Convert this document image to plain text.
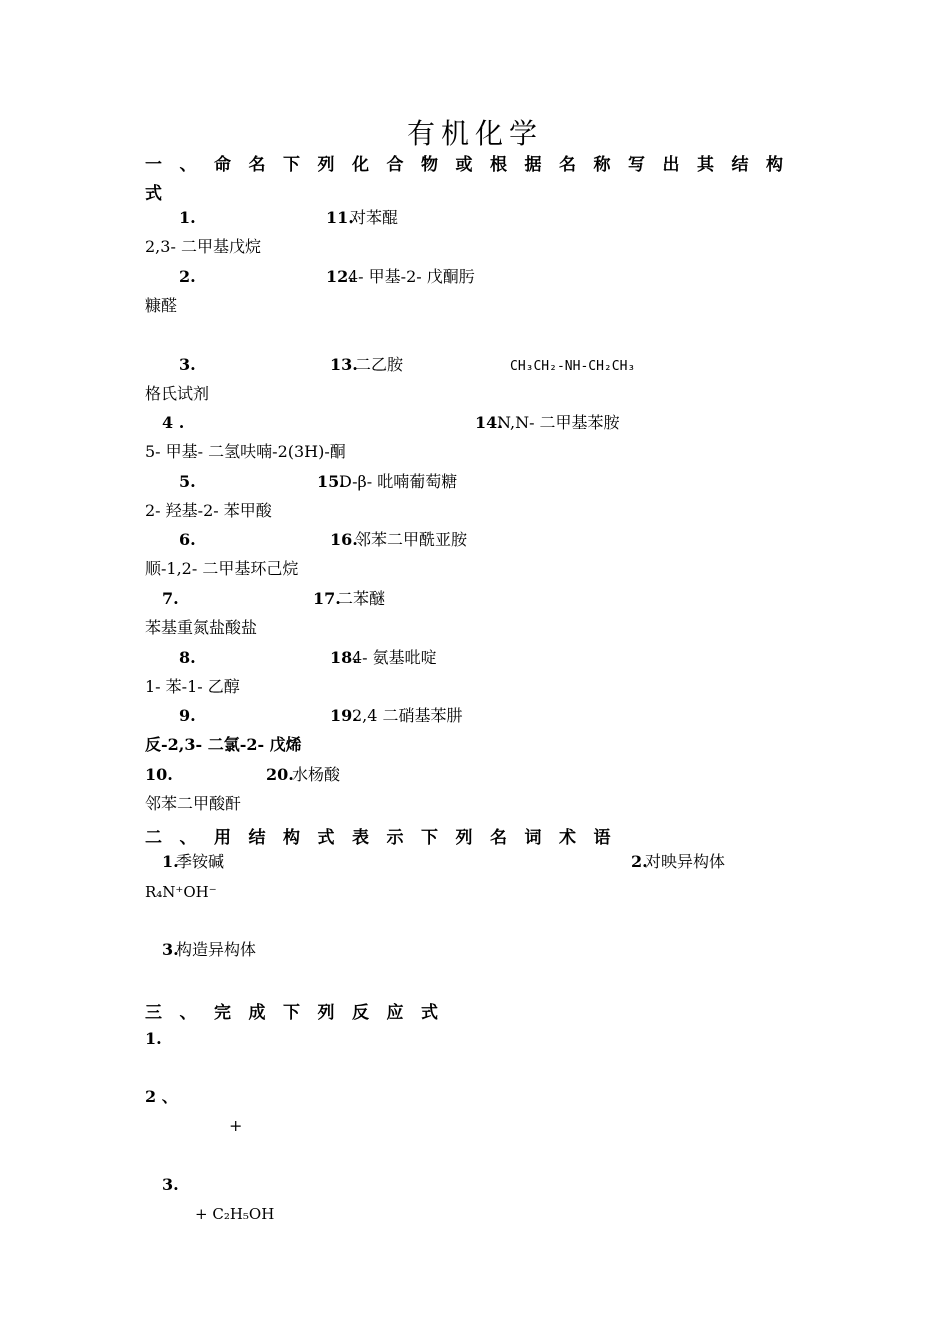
有机化学
一 、 命 名 下 列 化 合 物 或 根 据 名 称 写 出 其 结 构
式
1.	11.
对苯醌
2,3- 二甲基戊烷
2.	12.
4- 甲基-2- 戊酮肟
糠醛
3.	13.
二乙胺	CH₃CH₂-NH-CH₂CH₃
格氏试剂
4 .	14.
N,N- 二甲基苯胺
5- 甲基- 二氢呋喃-2(3H)-酮
5.	15.
D-β- 吡喃葡萄糖
2- 羟基-2- 苯甲酸
6.	16.
邻苯二甲酰亚胺
顺-1,2- 二甲基环己烷
7.	17.
二苯醚
苯基重氮盐酸盐
8.	18.
4- 氨基吡啶
1- 苯-1- 乙醇
9.	19.
2,4 二硝基苯肼
反-2,3- 二氯-2- 戊烯
10.	20.
水杨酸
邻苯二甲酸酐
二 、 用 结 构 式 表 示 下 列 名 词 术 语
1.
季铵碱	2.
对映异构体
R₄N⁺OH⁻
3.
构造异构体
三 、 完 成 下 列 反 应 式
1.
2 、
+
3.
+ C₂H₅OH
